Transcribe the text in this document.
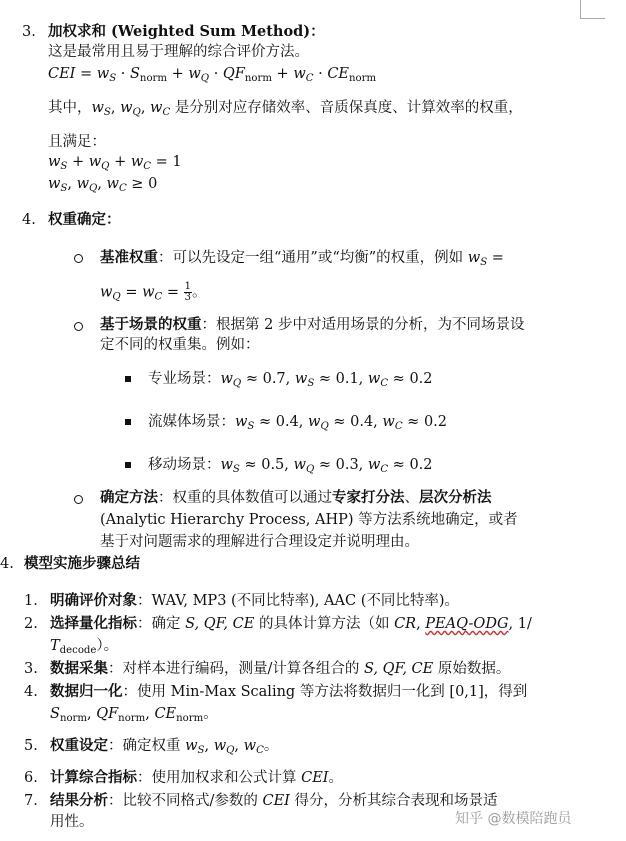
3. 加权求和 (Weighted Sum Method)：
这是最常用且易于理解的综合评价方法。
CEI = $w_S \cdot S_{norm} + w_Q \cdot QF_{norm} + w_C \cdot CE_{norm}$
其中，$w_S$, $w_Q$, $w_C$ 是分别对应存储效率、音质保真度、计算效率的权重，
且满足：
$w_S + w_Q + w_C = 1$
$w_S$, $w_Q$, $w_C \ge 0$
4. 权重确定：
基准权重：可以先设定一组“通用”或“均衡”的权重，例如 $w_S$ =
$w_Q = w_C = \frac{1}{3}$ 。
基于场景的权重：根据第 2 步中对适用场景的分析，为不同场景设
定不同的权重集。例如：
专业场景：$w_Q \approx 0.7$, $w_S \approx 0.1$, $w_C \approx 0.2$
流媒体场景：$w_S \approx 0.4$, $w_Q \approx 0.4$, $w_C \approx 0.2$
移动场景：$w_S \approx 0.5$, $w_Q \approx 0.3$, $w_C \approx 0.2$
确定方法：权重的具体数值可以通过专家打分法、层次分析法
(Analytic Hierarchy Process, AHP) 等方法系统地确定，或者
基于对问题需求的理解进行合理设定并说明理由。
4. 模型实施步骤总结
1. 明确评价对象：WAV, MP3 (不同比特率), AAC (不同比特率)。
2. 选择量化指标：确定 S, QF, CE 的具体计算方法（如 CR, PEAQ-ODG, 1/
$T_{decode}$）。
3. 数据采集：对样本进行编码，测量/计算各组合的 S, QF, CE 原始数据。
4. 数据归一化：使用 Min-Max Scaling 等方法将数据归一化到 [0,1]，得到
$S_{norm}$, $QF_{norm}$, $CE_{norm}$。
5. 权重设定：确定权重 $w_S$, $w_Q$, $w_C$。
6. 计算综合指标：使用加权求和公式计算 CEI。
7. 结果分析：比较不同格式/参数的 CEI 得分，分析其综合表现和场景适
用性。	知乎 @数模陪跑员
